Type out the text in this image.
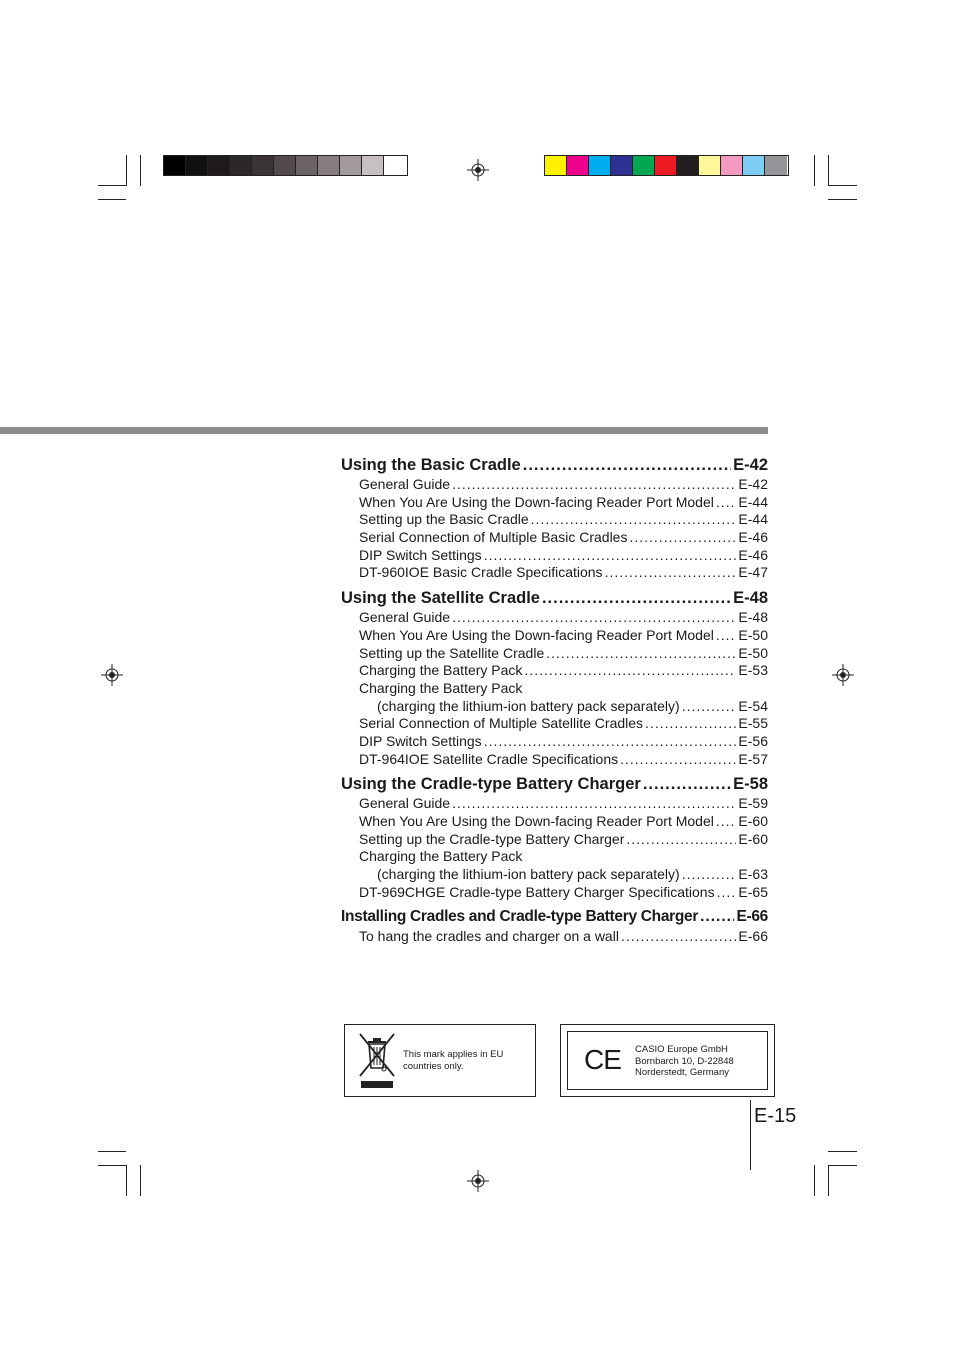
Using the Basic Cradle .....	E-42
General Guide .....	E-42
When You Are Using the Down-facing Reader Port Model ..... E-44
Setting up the Basic Cradle .....	E-44
Serial Connection of Multiple Basic Cradles .....	E-46
DIP Switch Settings .....	E-46
DT-960IOE Basic Cradle Specifications .....	E-47
Using the Satellite Cradle .....	E-48
General Guide .....	E-48
When You Are Using the Down-facing Reader Port Model ..... E-50
Setting up the Satellite Cradle .....	E-50
Charging the Battery Pack .....	E-53
Charging the Battery Pack
(charging the lithium-ion battery pack separately) .....	E-54
Serial Connection of Multiple Satellite Cradles .....	E-55
DIP Switch Settings .....	E-56
DT-964IOE Satellite Cradle Specifications .....	E-57
Using the Cradle-type Battery Charger .....	E-58
General Guide .....	E-59
When You Are Using the Down-facing Reader Port Model ..... E-60
Setting up the Cradle-type Battery Charger .....	E-60
Charging the Battery Pack
(charging the lithium-ion battery pack separately) .....	E-63
DT-969CHGE Cradle-type Battery Charger Specifications ..... E-65
Installing Cradles and Cradle-type Battery Charger ..... E-66
To hang the cradles and charger on a wall .....	E-66
This mark applies in EU
countries only.	CE CASIO Europe GmbH
Bornbarch 10, D-22848
Norderstedt, Germany
E-15
